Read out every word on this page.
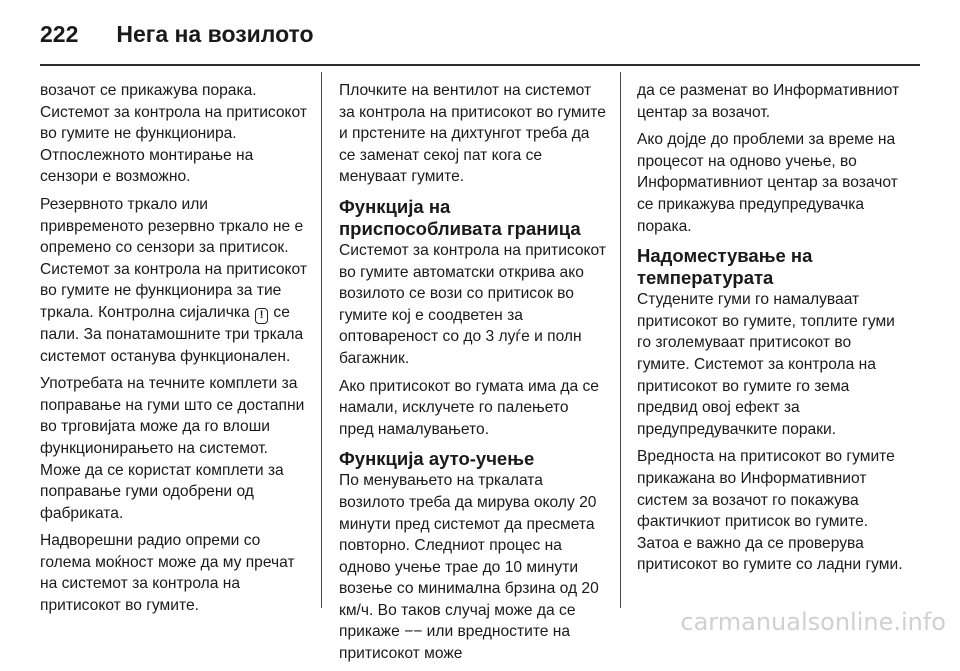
222 Нега на возилото

возачот се прикажува порака. Системот за контрола на притисокот во гумите не функционира. Отпослежното монтирање на сензори е возможно.

Резервното тркало или привременото резервно тркало не е опремено со сензори за притисок. Системот за контрола на притисокот во гумите не функционира за тие тркала. Контролна сијаличка ! се пали. За понатамошните три тркала системот останува функционален.

Употребата на течните комплети за поправање на гуми што се достапни во трговијата може да го влоши функционирањето на системот. Може да се користат комплети за поправање гуми одобрени од фабриката.

Надворешни радио опреми со голема моќност може да му пречат на системот за контрола на притисокот во гумите.

Плочките на вентилот на системот за контрола на притисокот во гумите и прстените на дихтунгот треба да се заменат секој пат кога се менуваат гумите.

Функција на приспособливата граница

Системот за контрола на притисокот во гумите автоматски открива ако возилото се вози со притисок во гумите кој е соодветен за оптовареност со до 3 луѓе и полн багажник.

Ако притисокот во гумата има да се намали, исклучете го палењето пред намалувањето.

Функција ауто-учење

По менувањето на тркалата возилото треба да мирува околу 20 минути пред системот да пресмета повторно. Следниот процес на одново учење трае до 10 минути возење со минимална брзина од 20 км/ч. Во таков случај може да се прикаже −− или вредностите на притисокот може

да се разменат во Информативниот центар за возачот.

Ако дојде до проблеми за време на процесот на одново учење, во Информативниот центар за возачот се прикажува предупредувачка порака.

Надоместување на температурата

Студените гуми го намалуваат притисокот во гумите, топлите гуми го зголемуваат притисокот во гумите. Системот за контрола на притисокот во гумите го зема предвид овој ефект за предупредувачките пораки.

Вредноста на притисокот во гумите прикажана во Информативниот систем за возачот го покажува фактичкиот притисок во гумите. Затоа е важно да се проверува притисокот во гумите со ладни гуми.

carmanualsonline.info
